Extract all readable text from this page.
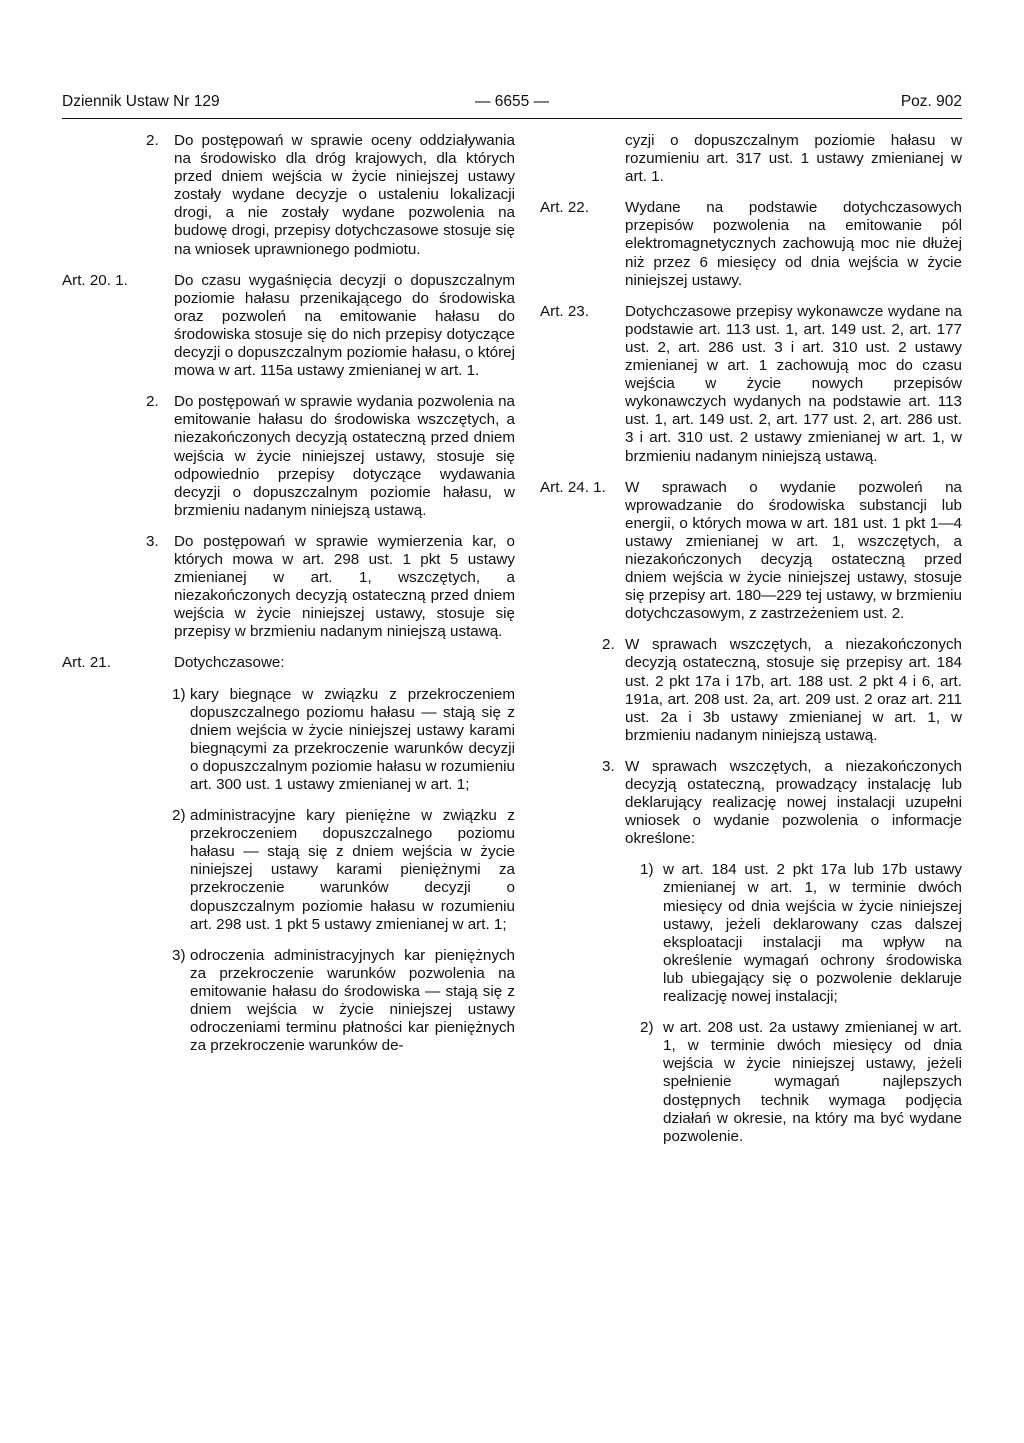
Dziennik Ustaw Nr 129	— 6655 —	Poz. 902
2. Do postępowań w sprawie oceny oddziaływania na środowisko dla dróg krajowych, dla których przed dniem wejścia w życie niniejszej ustawy zostały wydane decyzje o ustaleniu lokalizacji drogi, a nie zostały wydane pozwolenia na budowę drogi, przepisy dotychczasowe stosuje się na wniosek uprawnionego podmiotu.
Art. 20. 1.	Do czasu wygaśnięcia decyzji o dopuszczalnym poziomie hałasu przenikającego do środowiska oraz pozwoleń na emitowanie hałasu do środowiska stosuje się do nich przepisy dotyczące decyzji o dopuszczalnym poziomie hałasu, o której mowa w art. 115a ustawy zmienianej w art. 1.
2. Do postępowań w sprawie wydania pozwolenia na emitowanie hałasu do środowiska wszczętych, a niezakończonych decyzją ostateczną przed dniem wejścia w życie niniejszej ustawy, stosuje się odpowiednio przepisy dotyczące wydawania decyzji o dopuszczalnym poziomie hałasu, w brzmieniu nadanym niniejszą ustawą.
3. Do postępowań w sprawie wymierzenia kar, o których mowa w art. 298 ust. 1 pkt 5 ustawy zmienianej w art. 1, wszczętych, a niezakończonych decyzją ostateczną przed dniem wejścia w życie niniejszej ustawy, stosuje się przepisy w brzmieniu nadanym niniejszą ustawą.
Art. 21.	Dotychczasowe:
1) kary biegnące w związku z przekroczeniem dopuszczalnego poziomu hałasu — stają się z dniem wejścia w życie niniejszej ustawy karami biegnącymi za przekroczenie warunków decyzji o dopuszczalnym poziomie hałasu w rozumieniu art. 300 ust. 1 ustawy zmienianej w art. 1;
2) administracyjne kary pieniężne w związku z przekroczeniem dopuszczalnego poziomu hałasu — stają się z dniem wejścia w życie niniejszej ustawy karami pieniężnymi za przekroczenie warunków decyzji o dopuszczalnym poziomie hałasu w rozumieniu art. 298 ust. 1 pkt 5 ustawy zmienianej w art. 1;
3) odroczenia administracyjnych kar pieniężnych za przekroczenie warunków pozwolenia na emitowanie hałasu do środowiska — stają się z dniem wejścia w życie niniejszej ustawy odroczeniami terminu płatności kar pieniężnych za przekroczenie warunków de-
cyzji o dopuszczalnym poziomie hałasu w rozumieniu art. 317 ust. 1 ustawy zmienianej w art. 1.
Art. 22. Wydane na podstawie dotychczasowych przepisów pozwolenia na emitowanie pól elektromagnetycznych zachowują moc nie dłużej niż przez 6 miesięcy od dnia wejścia w życie niniejszej ustawy.
Art. 23. Dotychczasowe przepisy wykonawcze wydane na podstawie art. 113 ust. 1, art. 149 ust. 2, art. 177 ust. 2, art. 286 ust. 3 i art. 310 ust. 2 ustawy zmienianej w art. 1 zachowują moc do czasu wejścia w życie nowych przepisów wykonawczych wydanych na podstawie art. 113 ust. 1, art. 149 ust. 2, art. 177 ust. 2, art. 286 ust. 3 i art. 310 ust. 2 ustawy zmienianej w art. 1, w brzmieniu nadanym niniejszą ustawą.
Art. 24. 1. W sprawach o wydanie pozwoleń na wprowadzanie do środowiska substancji lub energii, o których mowa w art. 181 ust. 1 pkt 1—4 ustawy zmienianej w art. 1, wszczętych, a niezakończonych decyzją ostateczną przed dniem wejścia w życie niniejszej ustawy, stosuje się przepisy art. 180—229 tej ustawy, w brzmieniu dotychczasowym, z zastrzeżeniem ust. 2.
2. W sprawach wszczętych, a niezakończonych decyzją ostateczną, stosuje się przepisy art. 184 ust. 2 pkt 17a i 17b, art. 188 ust. 2 pkt 4 i 6, art. 191a, art. 208 ust. 2a, art. 209 ust. 2 oraz art. 211 ust. 2a i 3b ustawy zmienianej w art. 1, w brzmieniu nadanym niniejszą ustawą.
3. W sprawach wszczętych, a niezakończonych decyzją ostateczną, prowadzący instalację lub deklarujący realizację nowej instalacji uzupełni wniosek o wydanie pozwolenia o informacje określone:
1) w art. 184 ust. 2 pkt 17a lub 17b ustawy zmienianej w art. 1, w terminie dwóch miesięcy od dnia wejścia w życie niniejszej ustawy, jeżeli deklarowany czas dalszej eksploatacji instalacji ma wpływ na określenie wymagań ochrony środowiska lub ubiegający się o pozwolenie deklaruje realizację nowej instalacji;
2) w art. 208 ust. 2a ustawy zmienianej w art. 1, w terminie dwóch miesięcy od dnia wejścia w życie niniejszej ustawy, jeżeli spełnienie wymagań najlepszych dostępnych technik wymaga podjęcia działań w okresie, na który ma być wydane pozwolenie.
